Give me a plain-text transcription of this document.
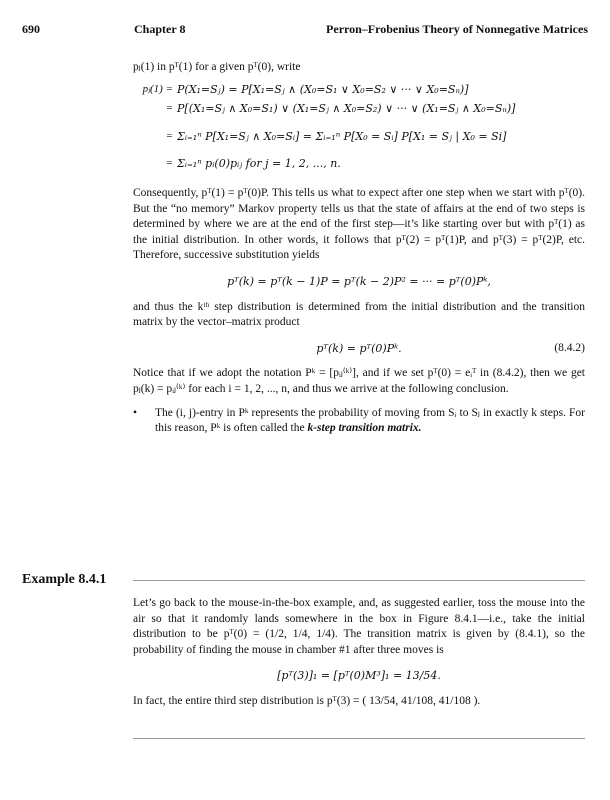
690	Chapter 8	Perron–Frobenius Theory of Nonnegative Matrices

pⱼ(1) in pᵀ(1) for a given pᵀ(0), write

pⱼ(1) = P(X₁=Sⱼ) = P[X₁=Sⱼ ∧ (X₀=S₁ ∨ X₀=S₂ ∨ ··· ∨ X₀=Sₙ)]
= P[(X₁=Sⱼ ∧ X₀=S₁) ∨ (X₁=Sⱼ ∧ X₀=S₂) ∨ ··· ∨ (X₁=Sⱼ ∧ X₀=Sₙ)]
= Σᵢ₌₁ⁿ P[X₁=Sⱼ ∧ X₀=Sᵢ] = Σᵢ₌₁ⁿ P[X₀ = Sᵢ] P[X₁ = Sⱼ | X₀ = Si]
= Σᵢ₌₁ⁿ pᵢ(0)pᵢⱼ for j = 1, 2, ..., n.

Consequently, pᵀ(1) = pᵀ(0)P. This tells us what to expect after one step when we start with pᵀ(0). But the “no memory” Markov property tells us that the state of affairs at the end of two steps is determined by where we are at the end of the first step—it’s like starting over but with pᵀ(1) as the initial distribution. In other words, it follows that pᵀ(2) = pᵀ(1)P, and pᵀ(3) = pᵀ(2)P, etc. Therefore, successive substitution yields

pᵀ(k) = pᵀ(k − 1)P = pᵀ(k − 2)P² = ··· = pᵀ(0)Pᵏ,

and thus the kᵗʰ step distribution is determined from the initial distribution and the transition matrix by the vector–matrix product

pᵀ(k) = pᵀ(0)Pᵏ.	(8.4.2)

Notice that if we adopt the notation Pᵏ = [pᵢⱼ⁽ᵏ⁾], and if we set pᵀ(0) = eᵢᵀ in (8.4.2), then we get pⱼ(k) = pᵢⱼ⁽ᵏ⁾ for each i = 1, 2, ..., n, and thus we arrive at the following conclusion.

•	The (i, j)-entry in Pᵏ represents the probability of moving from Sᵢ to Sⱼ in exactly k steps. For this reason, Pᵏ is often called the k-step transition matrix.
Example 8.4.1

Let’s go back to the mouse-in-the-box example, and, as suggested earlier, toss the mouse into the air so that it randomly lands somewhere in the box in Figure 8.4.1—i.e., take the initial distribution to be pᵀ(0) = (1/2, 1/4, 1/4). The transition matrix is given by (8.4.1), so the probability of finding the mouse in chamber #1 after three moves is

[pᵀ(3)]₁ = [pᵀ(0)M³]₁ = 13/54.

In fact, the entire third step distribution is pᵀ(3) = ( 13/54, 41/108, 41/108 ).
